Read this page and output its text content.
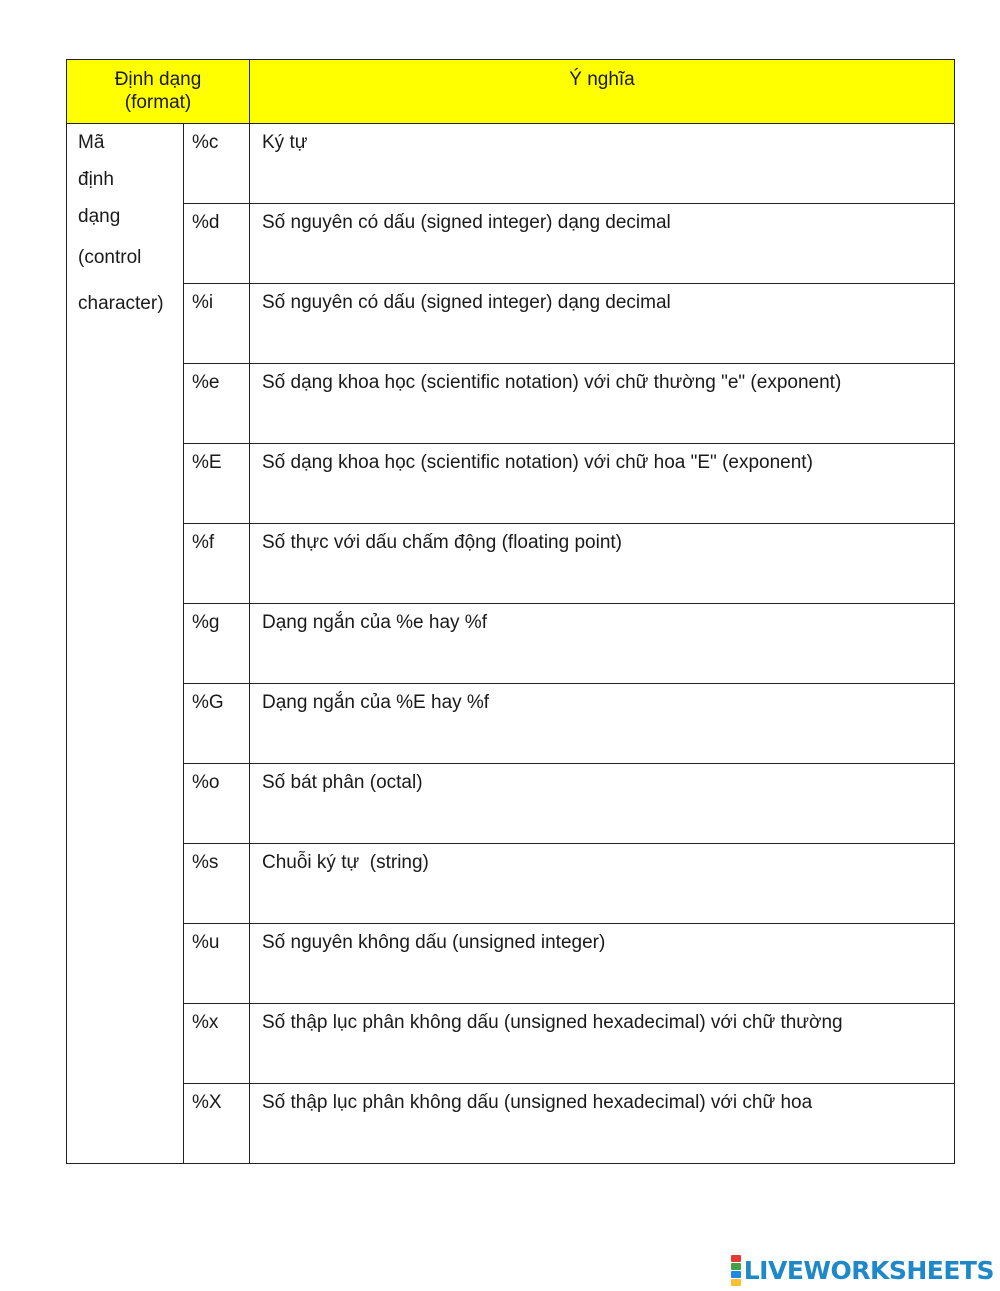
Định dạng
(format)		Ý nghĩa

Mã
định
dạng
(control
character)	%c	Ký tự

	%d	Số nguyên có dấu (signed integer) dạng decimal

	%i	Số nguyên có dấu (signed integer) dạng decimal

	%e	Số dạng khoa học (scientific notation) với chữ thường "e" (exponent)

	%E	Số dạng khoa học (scientific notation) với chữ hoa "E" (exponent)

	%f	Số thực với dấu chấm động (floating point)

	%g	Dạng ngắn của %e hay %f

	%G	Dạng ngắn của %E hay %f

	%o	Số bát phân (octal)

	%s	Chuỗi ký tự  (string)

	%u	Số nguyên không dấu (unsigned integer)

	%x	Số thập lục phân không dấu (unsigned hexadecimal) với chữ thường

	%X	Số thập lục phân không dấu (unsigned hexadecimal) với chữ hoa
LIVEWORKSHEETS
